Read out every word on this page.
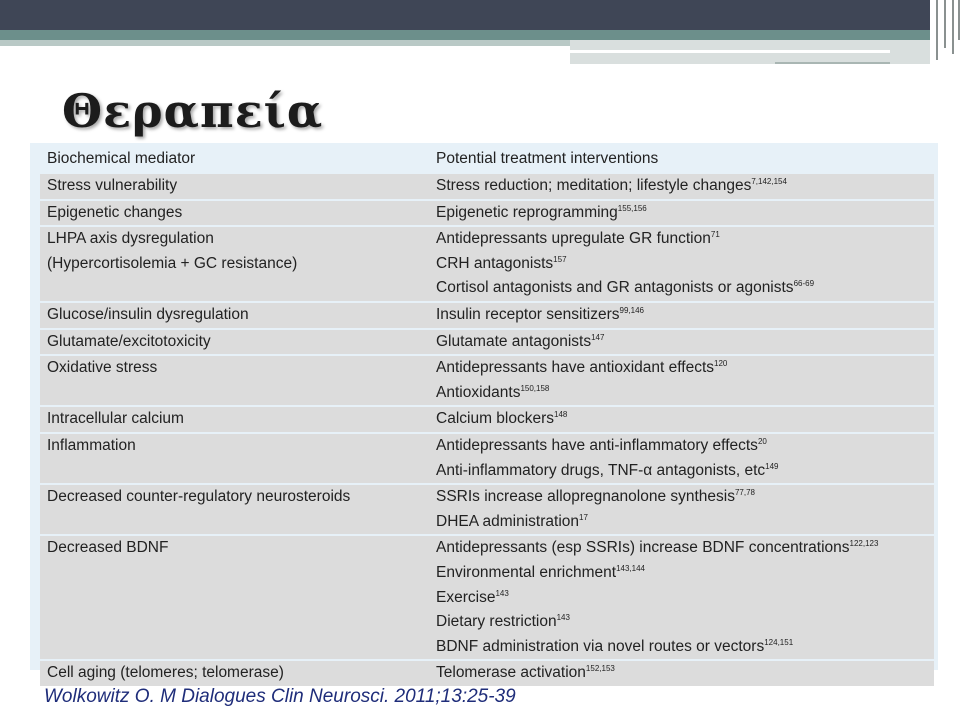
Θεραπεία
Biochemical mediator	Potential treatment interventions

Stress vulnerability	Stress reduction; meditation; lifestyle changes$^{7,142,154}$

Epigenetic changes	Epigenetic reprogramming$^{155,156}$

LHPA axis dysregulation
(Hypercortisolemia + GC resistance)	Antidepressants upregulate GR function$^{71}$
CRH antagonists$^{157}$
Cortisol antagonists and GR antagonists or agonists$^{66-69}$

Glucose/insulin dysregulation	Insulin receptor sensitizers$^{99,146}$

Glutamate/excitotoxicity	Glutamate antagonists$^{147}$

Oxidative stress	Antidepressants have antioxidant effects$^{120}$
Antioxidants$^{150,158}$

Intracellular calcium	Calcium blockers$^{148}$

Inflammation	Antidepressants have anti-inflammatory effects$^{20}$
Anti-inflammatory drugs, TNF-α antagonists, etc$^{149}$

Decreased counter-regulatory neurosteroids	SSRIs increase allopregnanolone synthesis$^{77,78}$
DHEA administration$^{17}$

Decreased BDNF	Antidepressants (esp SSRIs) increase BDNF concentrations$^{122,123}$
Environmental enrichment$^{143,144}$
Exercise$^{143}$
Dietary restriction$^{143}$
BDNF administration via novel routes or vectors$^{124,151}$

Cell aging (telomeres; telomerase)	Telomerase activation$^{152,153}$

Wolkowitz O. M Dialogues Clin Neurosci. 2011;13:25-39
